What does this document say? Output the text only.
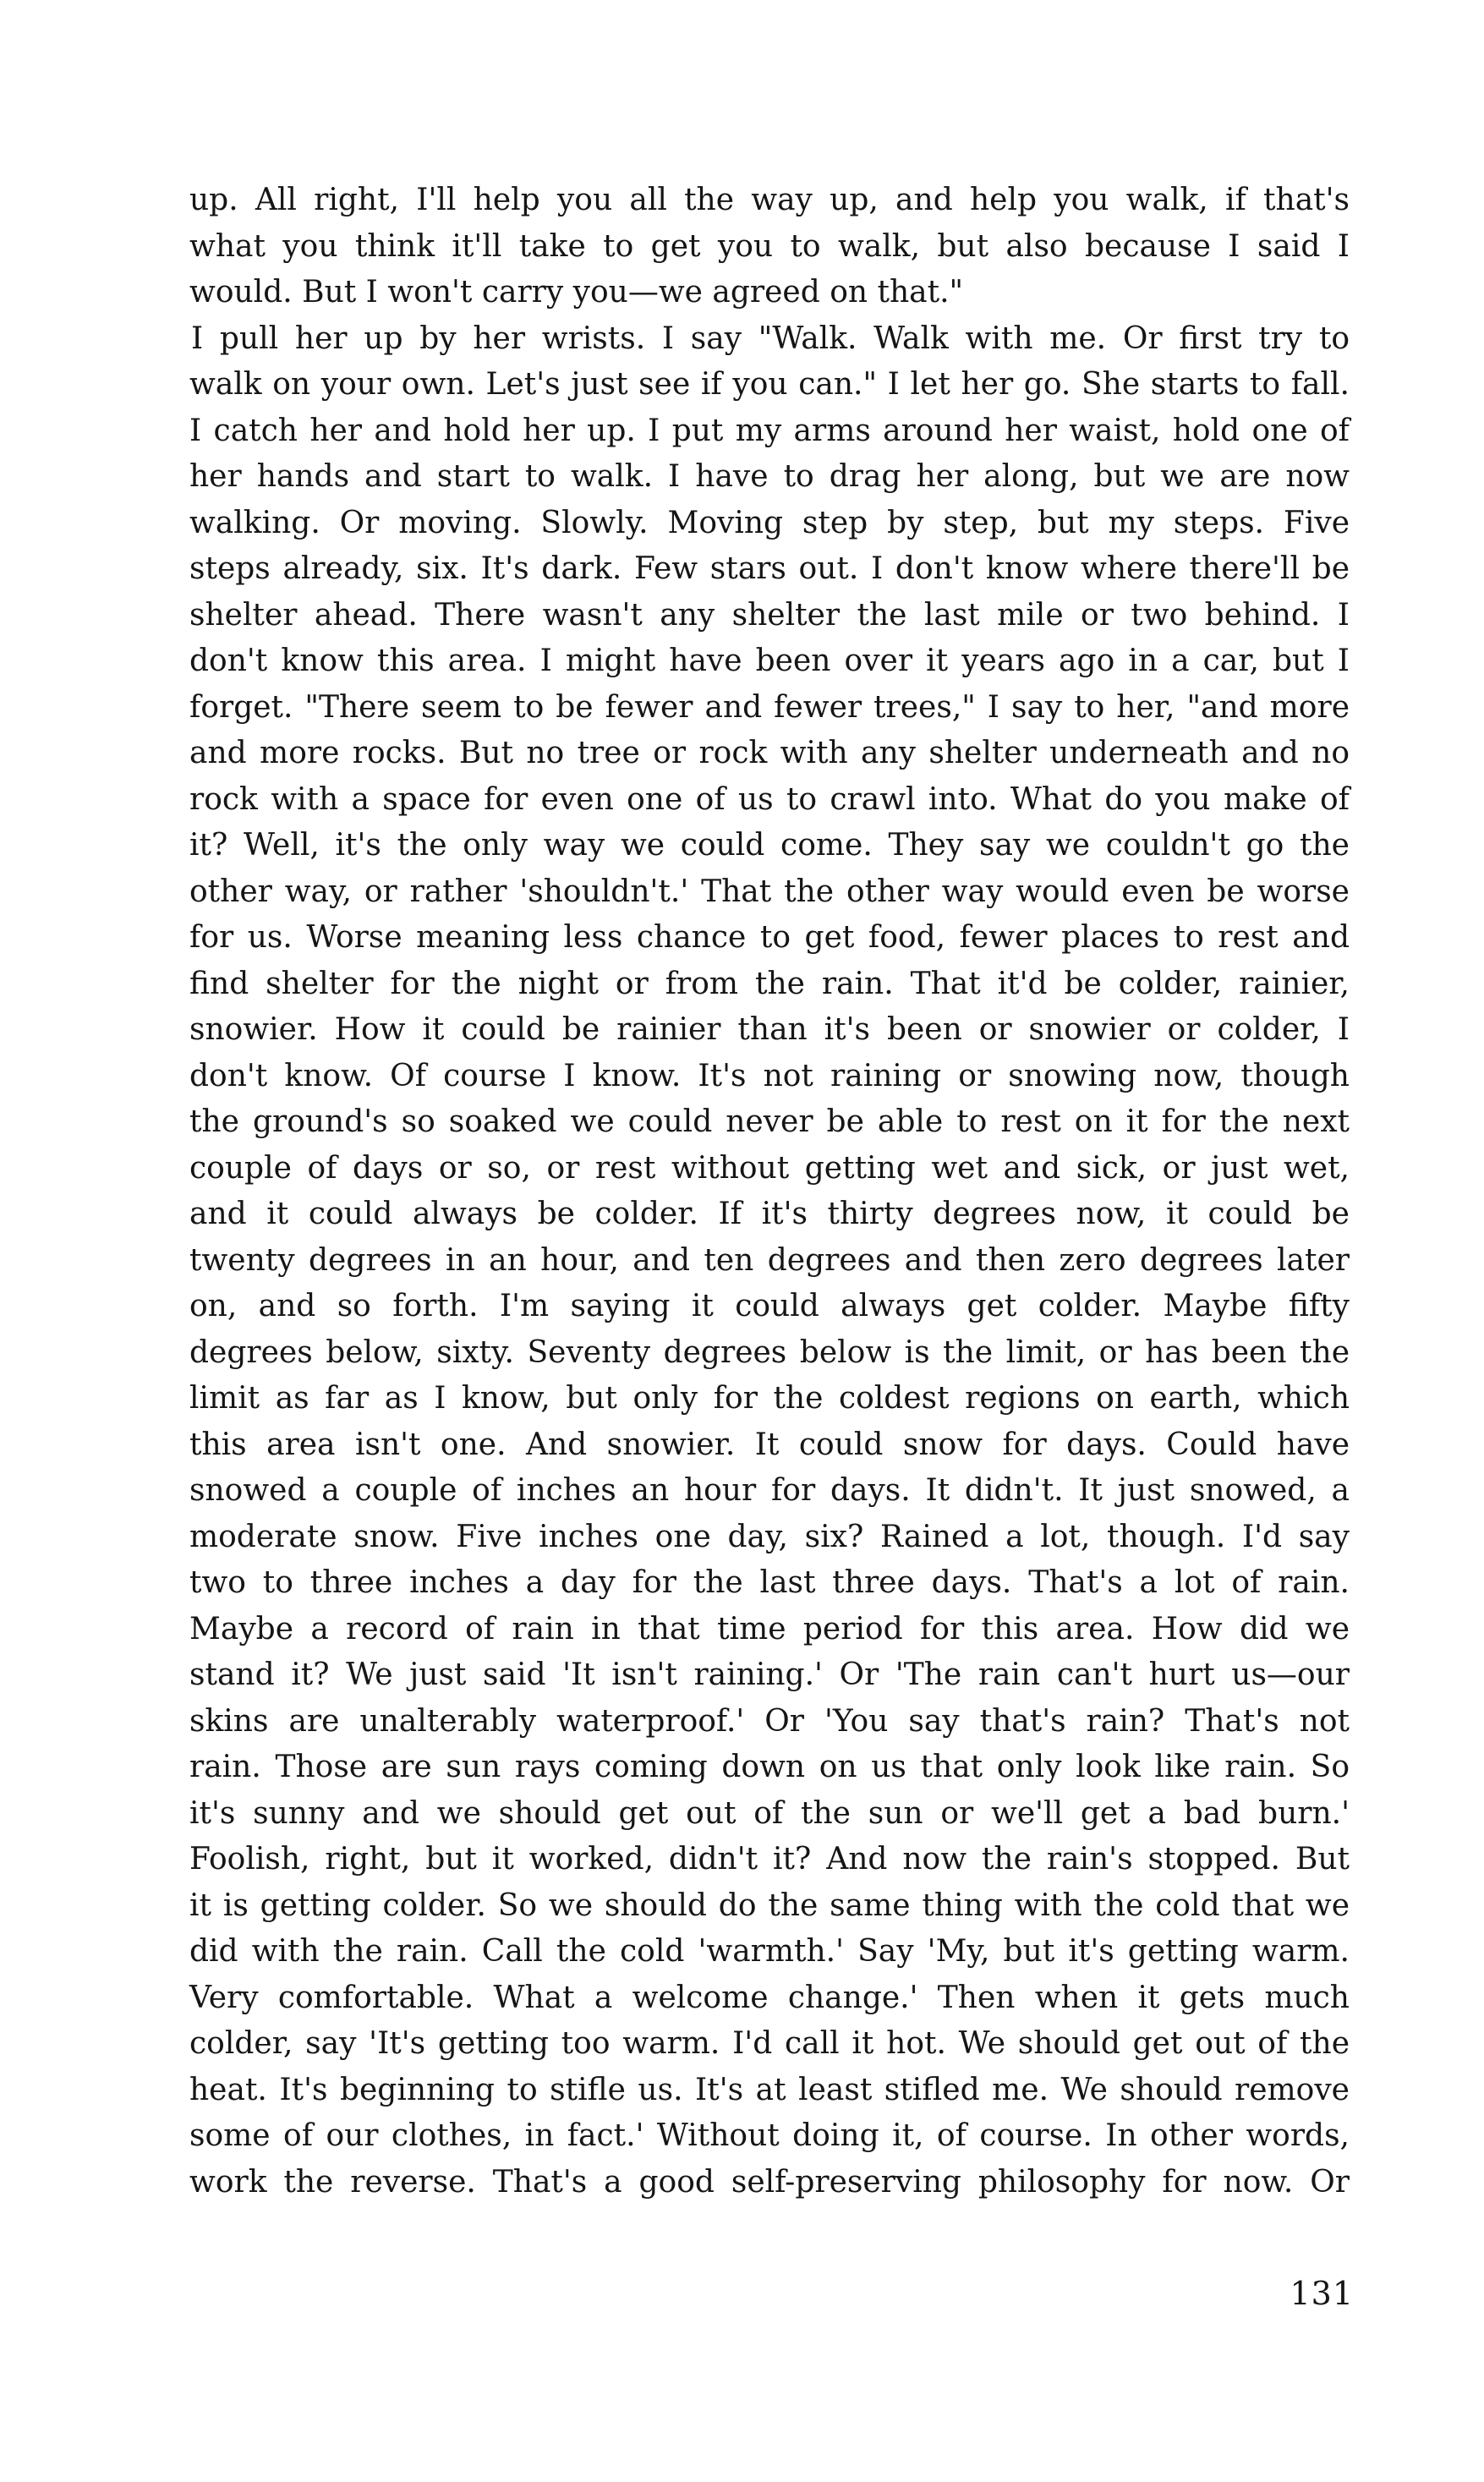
up. All right, I'll help you all the way up, and help you walk, if that's
what you think it'll take to get you to walk, but also because I said I
would. But I won't carry you—we agreed on that."
I pull her up by her wrists. I say "Walk. Walk with me. Or first try to
walk on your own. Let's just see if you can." I let her go. She starts to fall.
I catch her and hold her up. I put my arms around her waist, hold one of
her hands and start to walk. I have to drag her along, but we are now
walking. Or moving. Slowly. Moving step by step, but my steps. Five
steps already, six. It's dark. Few stars out. I don't know where there'll be
shelter ahead. There wasn't any shelter the last mile or two behind. I
don't know this area. I might have been over it years ago in a car, but I
forget. "There seem to be fewer and fewer trees," I say to her, "and more
and more rocks. But no tree or rock with any shelter underneath and no
rock with a space for even one of us to crawl into. What do you make of
it? Well, it's the only way we could come. They say we couldn't go the
other way, or rather 'shouldn't.' That the other way would even be worse
for us. Worse meaning less chance to get food, fewer places to rest and
find shelter for the night or from the rain. That it'd be colder, rainier,
snowier. How it could be rainier than it's been or snowier or colder, I
don't know. Of course I know. It's not raining or snowing now, though
the ground's so soaked we could never be able to rest on it for the next
couple of days or so, or rest without getting wet and sick, or just wet,
and it could always be colder. If it's thirty degrees now, it could be
twenty degrees in an hour, and ten degrees and then zero degrees later
on, and so forth. I'm saying it could always get colder. Maybe fifty
degrees below, sixty. Seventy degrees below is the limit, or has been the
limit as far as I know, but only for the coldest regions on earth, which
this area isn't one. And snowier. It could snow for days. Could have
snowed a couple of inches an hour for days. It didn't. It just snowed, a
moderate snow. Five inches one day, six? Rained a lot, though. I'd say
two to three inches a day for the last three days. That's a lot of rain.
Maybe a record of rain in that time period for this area. How did we
stand it? We just said 'It isn't raining.' Or 'The rain can't hurt us—our
skins are unalterably waterproof.' Or 'You say that's rain? That's not
rain. Those are sun rays coming down on us that only look like rain. So
it's sunny and we should get out of the sun or we'll get a bad burn.'
Foolish, right, but it worked, didn't it? And now the rain's stopped. But
it is getting colder. So we should do the same thing with the cold that we
did with the rain. Call the cold 'warmth.' Say 'My, but it's getting warm.
Very comfortable. What a welcome change.' Then when it gets much
colder, say 'It's getting too warm. I'd call it hot. We should get out of the
heat. It's beginning to stifle us. It's at least stifled me. We should remove
some of our clothes, in fact.' Without doing it, of course. In other words,
work the reverse. That's a good self-preserving philosophy for now. Or
131
